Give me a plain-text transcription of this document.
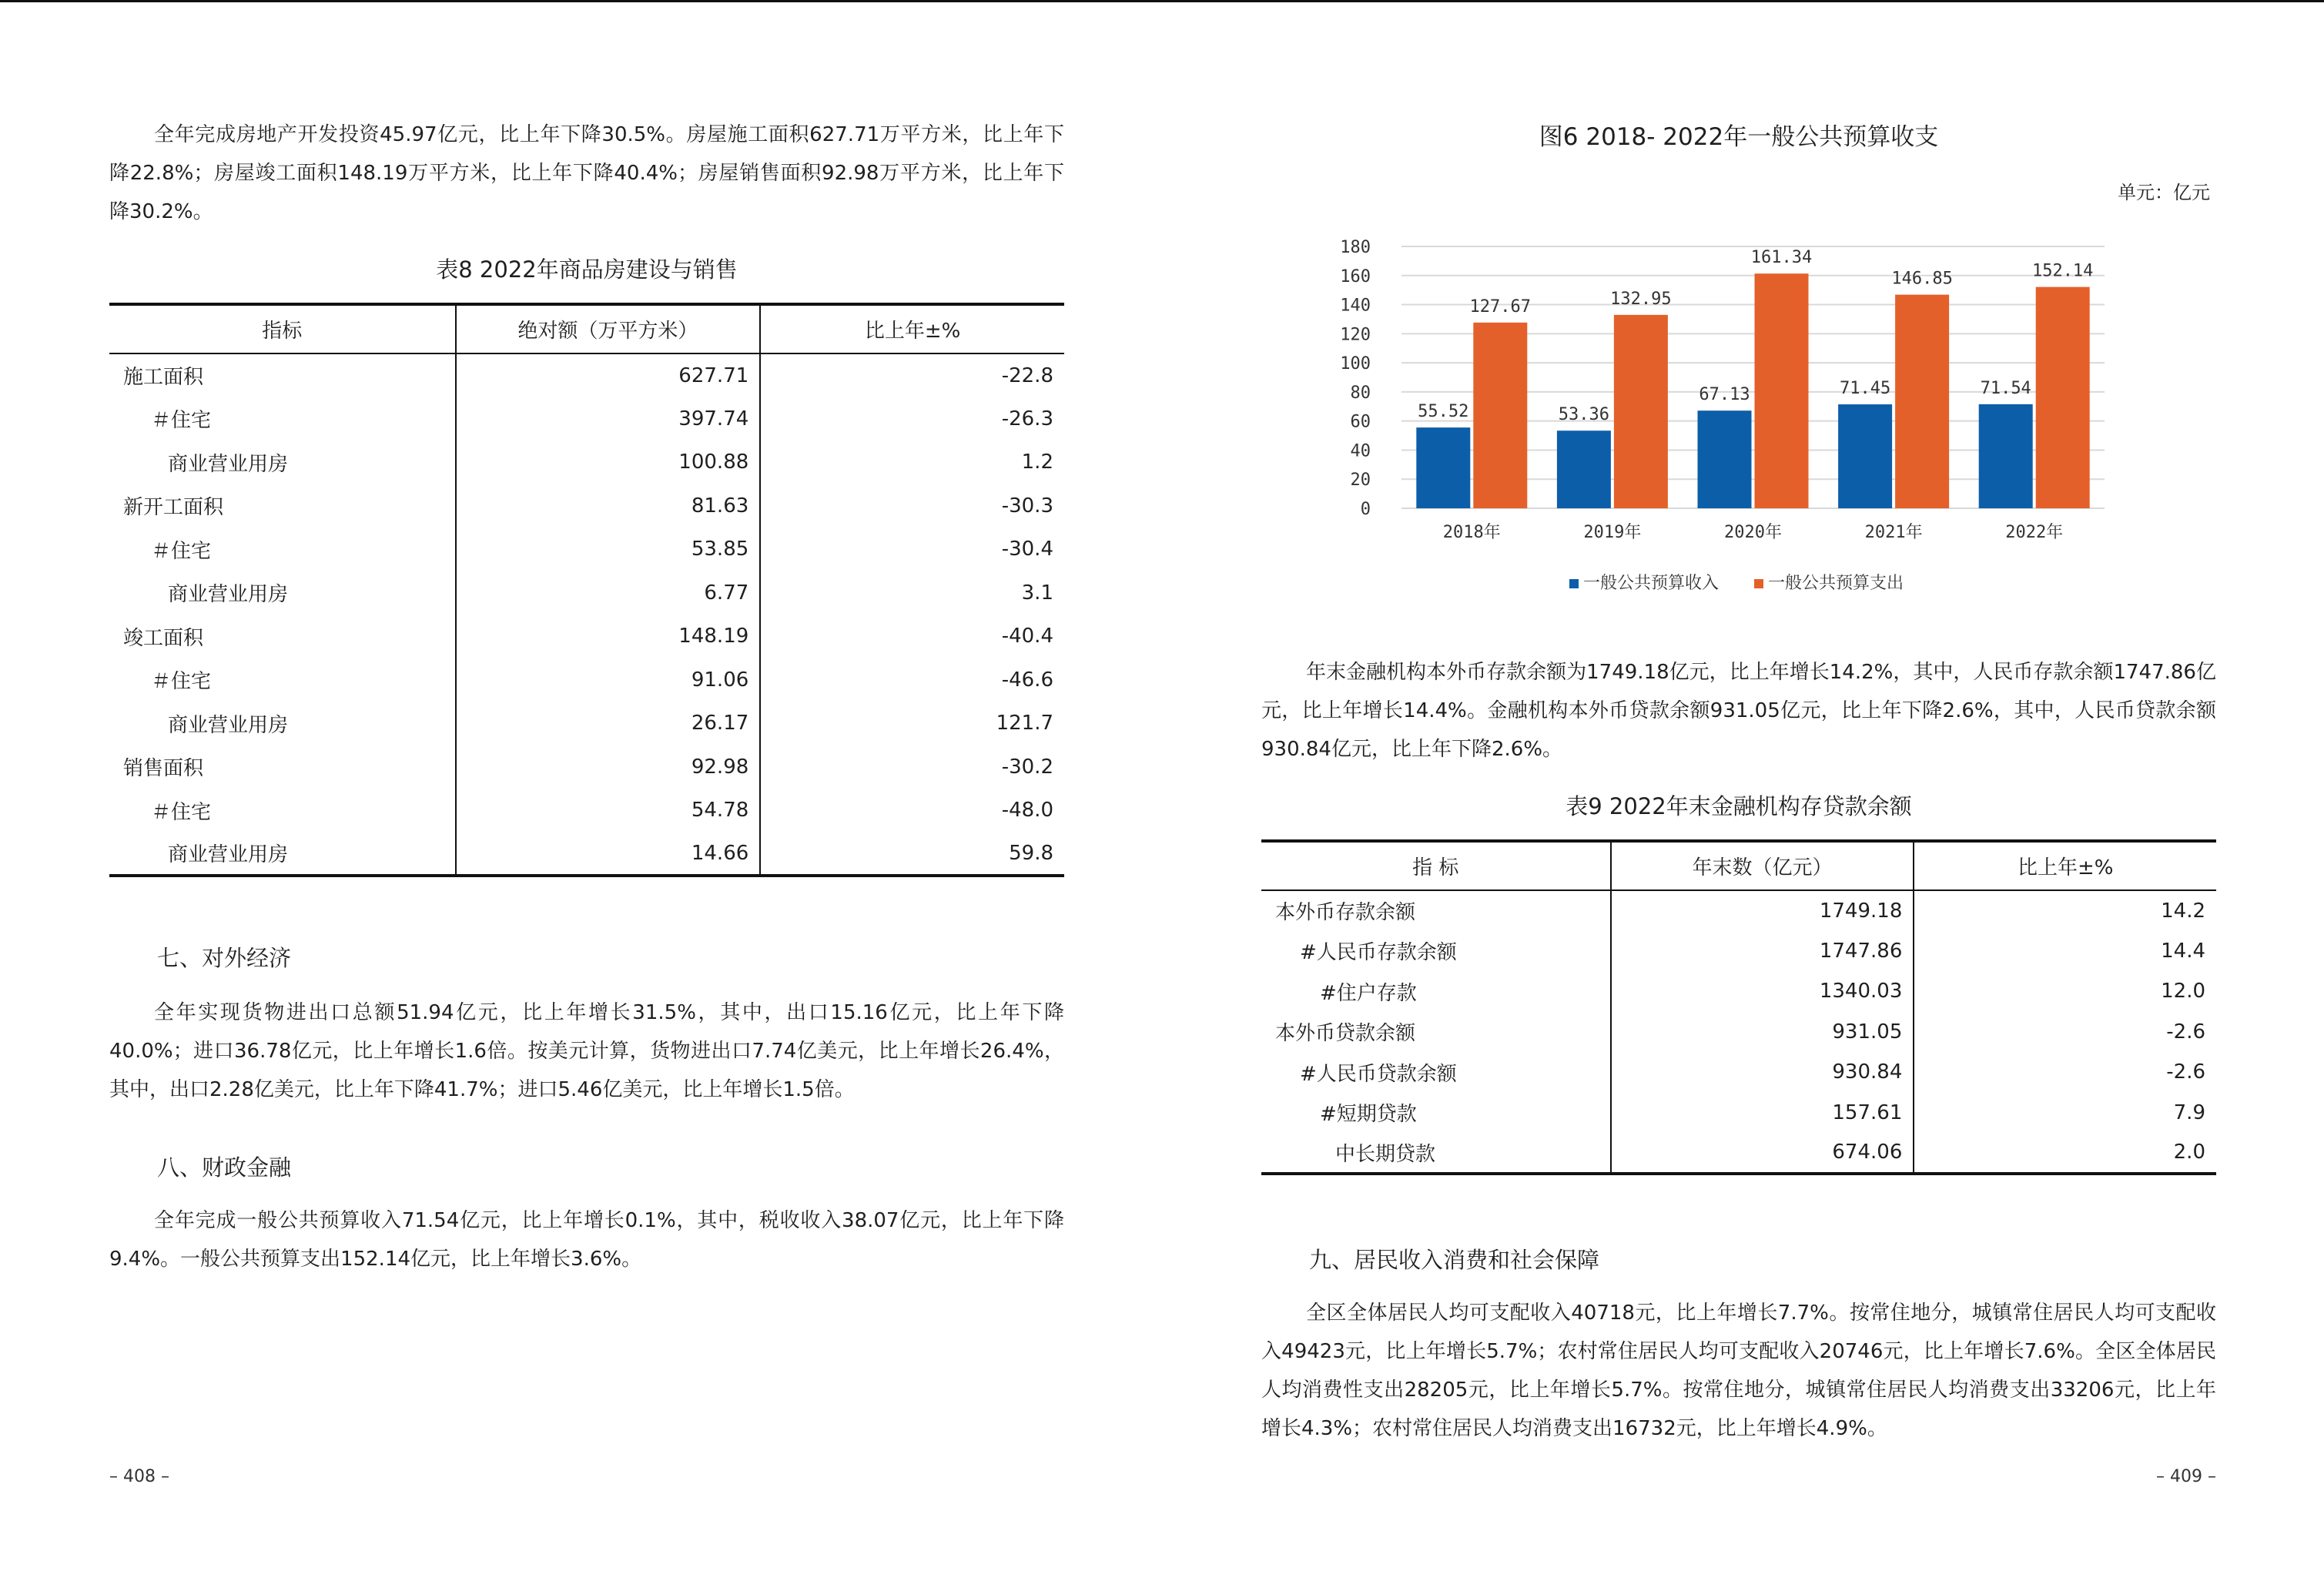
全年完成房地产开发投资45.97亿元，比上年下降30.5%。房屋施工面积627.71万平方米，比上年下降22.8%；房屋竣工面积148.19万平方米，比上年下降40.4%；房屋销售面积92.98万平方米，比上年下降30.2%。

表8 2022年商品房建设与销售

指标	绝对额（万平方米）	比上年±%
施工面积	627.71	-22.8
＃住宅	397.74	-26.3
商业营业用房	100.88	1.2
新开工面积	81.63	-30.3
＃住宅	53.85	-30.4
商业营业用房	6.77	3.1
竣工面积	148.19	-40.4
＃住宅	91.06	-46.6
商业营业用房	26.17	121.7
销售面积	92.98	-30.2
＃住宅	54.78	-48.0
商业营业用房	14.66	59.8
七、对外经济

全年实现货物进出口总额51.94亿元，比上年增长31.5%，其中，出口15.16亿元，比上年下降40.0%；进口36.78亿元，比上年增长1.6倍。按美元计算，货物进出口7.74亿美元，比上年增长26.4%，其中，出口2.28亿美元，比上年下降41.7%；进口5.46亿美元，比上年增长1.5倍。

八、财政金融

全年完成一般公共预算收入71.54亿元，比上年增长0.1%，其中，税收收入38.07亿元，比上年下降9.4%。一般公共预算支出152.14亿元，比上年增长3.6%。

– 408 –

图6 2018- 2022年一般公共预算收支

单元：亿元
0
20
40
60
80
100
120
140
160
180
55.52
127.67
2018年
53.36
132.95
2019年
67.13
161.34
2020年
71.45
146.85
2021年
71.54
152.14
2022年
一般公共预算收入	一般公共预算支出

年末金融机构本外币存款余额为1749.18亿元，比上年增长14.2%，其中，人民币存款余额1747.86亿元，比上年增长14.4%。金融机构本外币贷款余额931.05亿元，比上年下降2.6%，其中，人民币贷款余额930.84亿元，比上年下降2.6%。

表9 2022年末金融机构存贷款余额

指 标	年末数（亿元）	比上年±%
本外币存款余额	1749.18	14.2
#人民币存款余额	1747.86	14.4
#住户存款	1340.03	12.0
本外币贷款余额	931.05	-2.6
#人民币贷款余额	930.84	-2.6
#短期贷款	157.61	7.9
中长期贷款	674.06	2.0
九、居民收入消费和社会保障

全区全体居民人均可支配收入40718元，比上年增长7.7%。按常住地分，城镇常住居民人均可支配收入49423元，比上年增长5.7%；农村常住居民人均可支配收入20746元，比上年增长7.6%。全区全体居民人均消费性支出28205元，比上年增长5.7%。按常住地分，城镇常住居民人均消费支出33206元，比上年增长4.3%；农村常住居民人均消费支出16732元，比上年增长4.9%。

– 409 –
